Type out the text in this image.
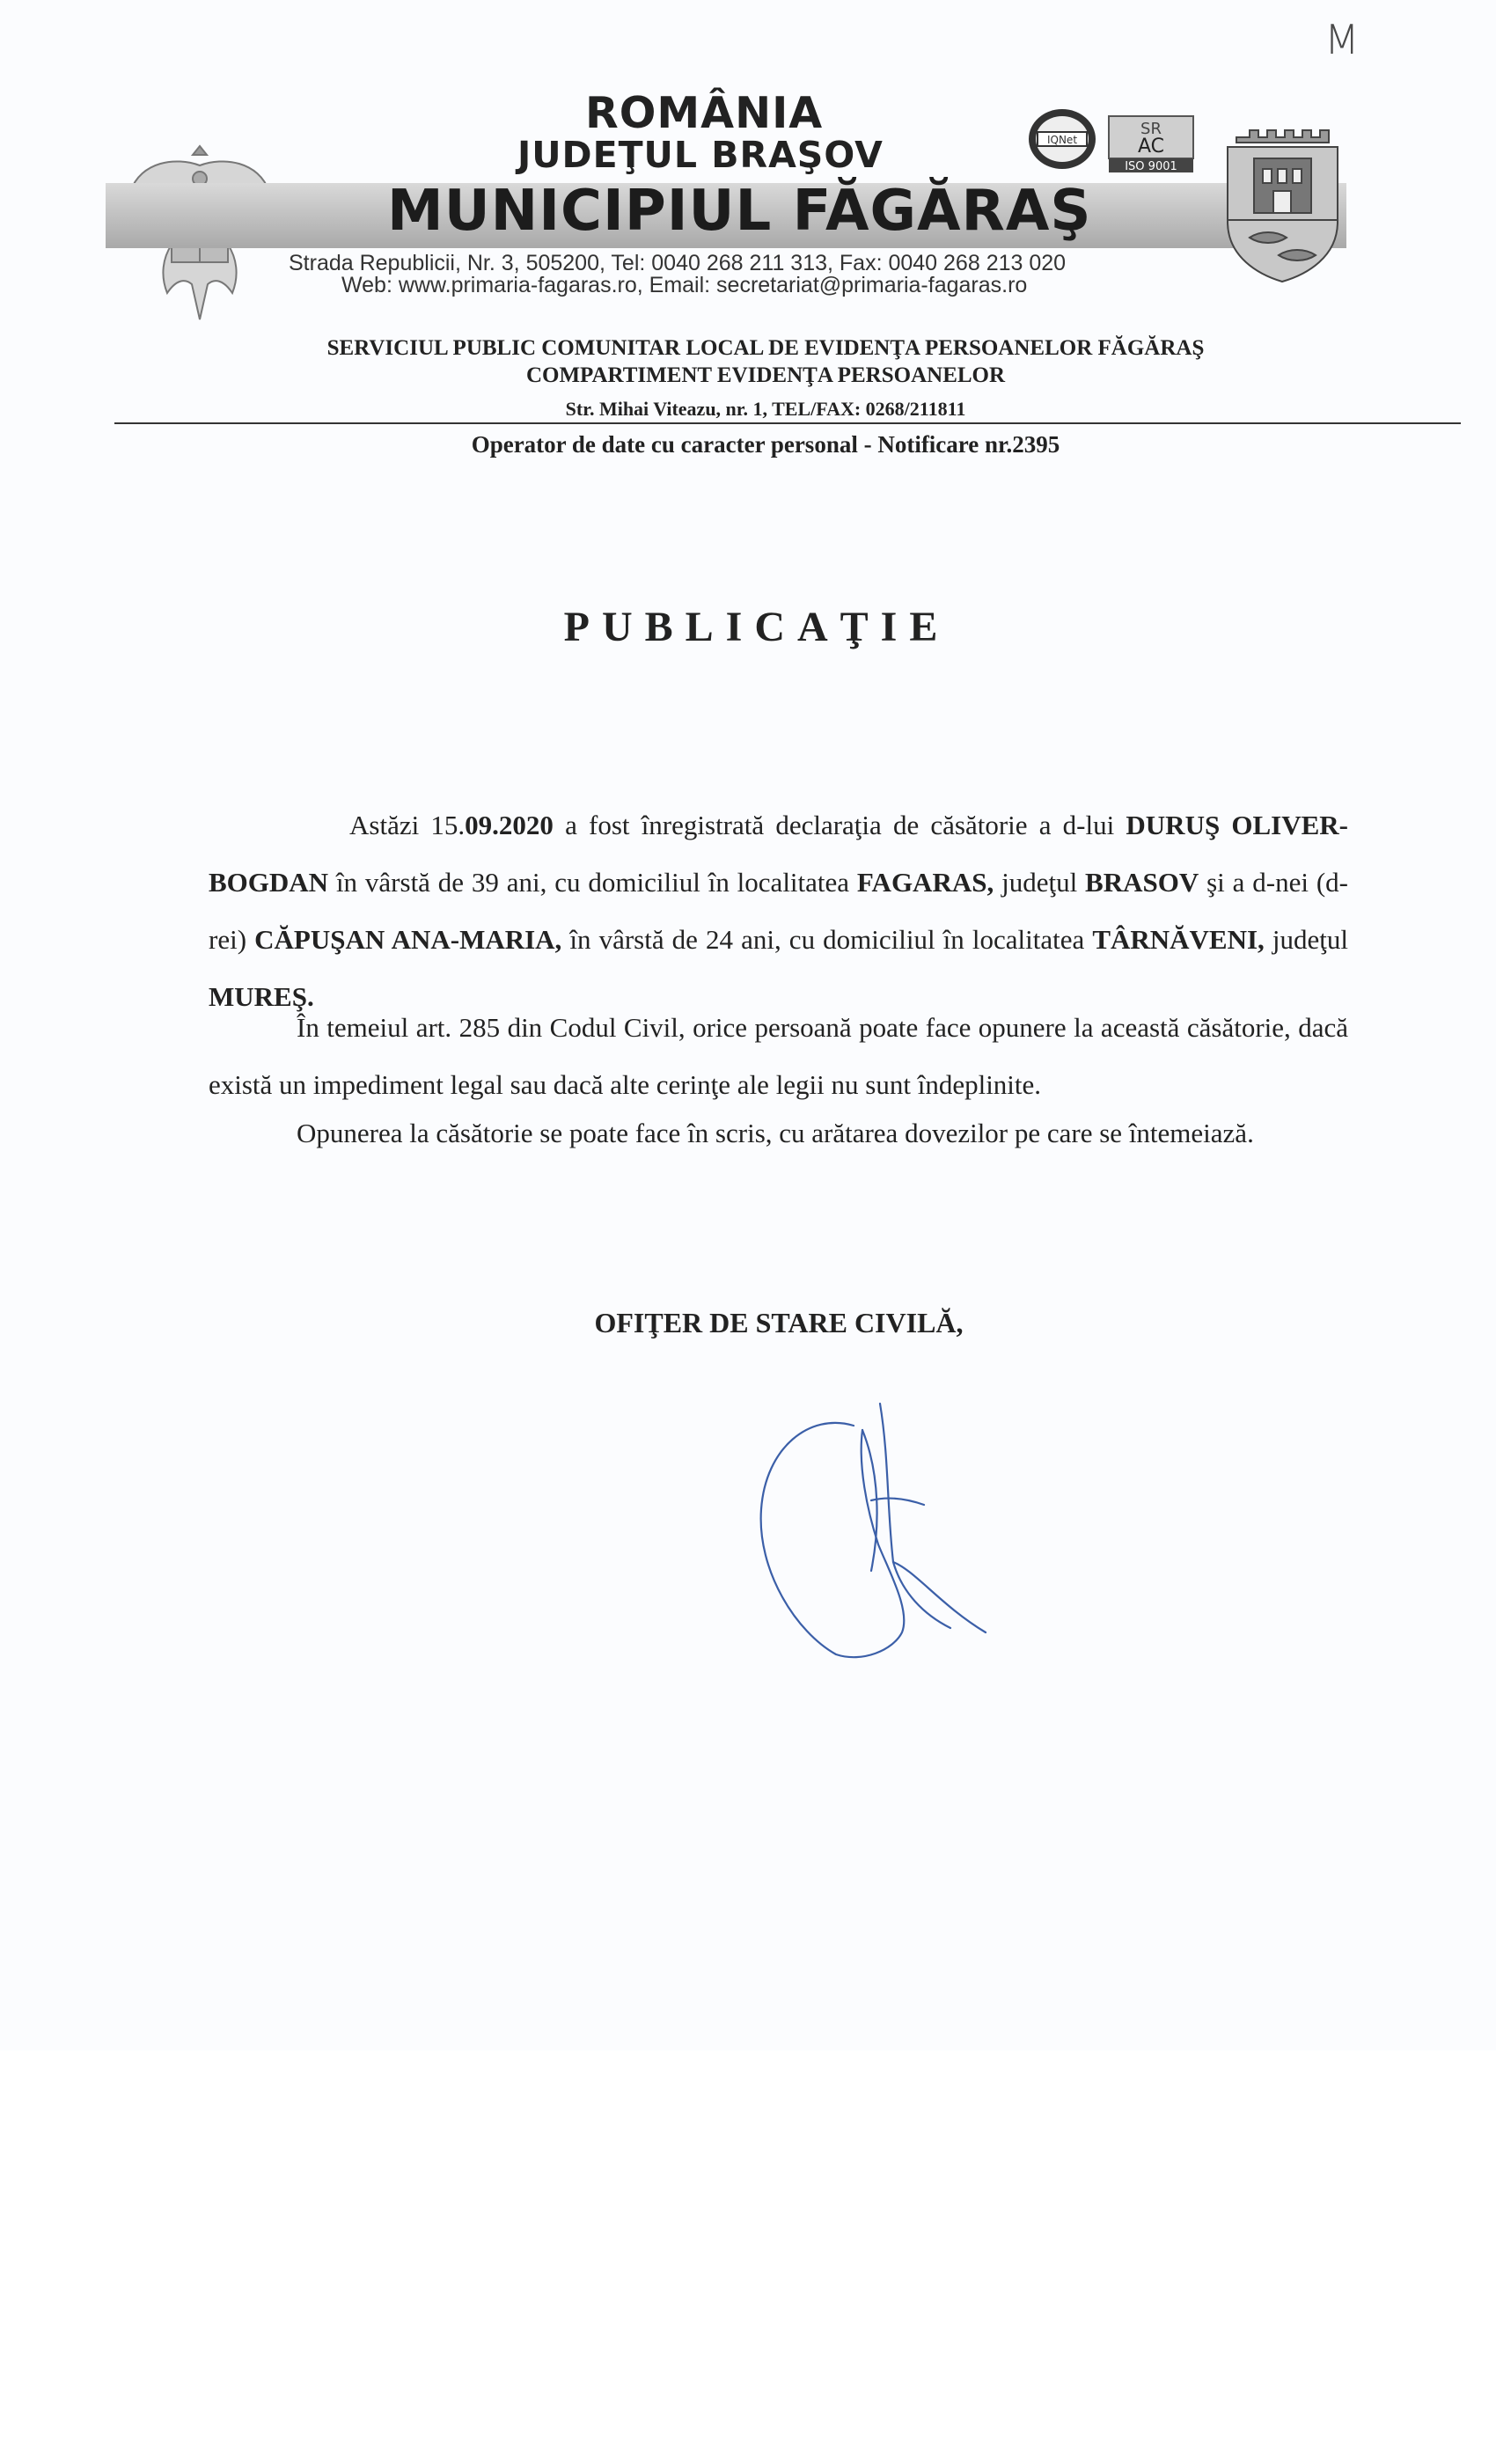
M
ROMÂNIA
JUDEŢUL BRAŞOV
MUNICIPIUL FĂGĂRAŞ
Strada Republicii, Nr. 3, 505200, Tel: 0040 268 211 313, Fax: 0040 268 213 020
Web: www.primaria-fagaras.ro, Email: secretariat@primaria-fagaras.ro
IQNet
SR
AC
ISO 9001
SERVICIUL PUBLIC COMUNITAR LOCAL DE EVIDENŢA PERSOANELOR FĂGĂRAŞ
COMPARTIMENT EVIDENŢA PERSOANELOR
Str. Mihai Viteazu, nr. 1, TEL/FAX: 0268/211811
Operator de date cu caracter personal - Notificare nr.2395
PUBLICAŢIE
Astăzi 15.09.2020 a fost înregistrată declaraţia de căsătorie a d-lui DURUŞ OLIVER-BOGDAN în vârstă de 39 ani, cu domiciliul în localitatea FAGARAS, judeţul BRASOV şi a d-nei (d-rei) CĂPUŞAN ANA-MARIA, în vârstă de 24 ani, cu domiciliul în localitatea TÂRNĂVENI, judeţul MUREŞ.
În temeiul art. 285 din Codul Civil, orice persoană poate face opunere la această căsătorie, dacă există un impediment legal sau dacă alte cerinţe ale legii nu sunt îndeplinite.
Opunerea la căsătorie se poate face în scris, cu arătarea dovezilor pe care se întemeiază.
OFIŢER DE STARE CIVILĂ,
